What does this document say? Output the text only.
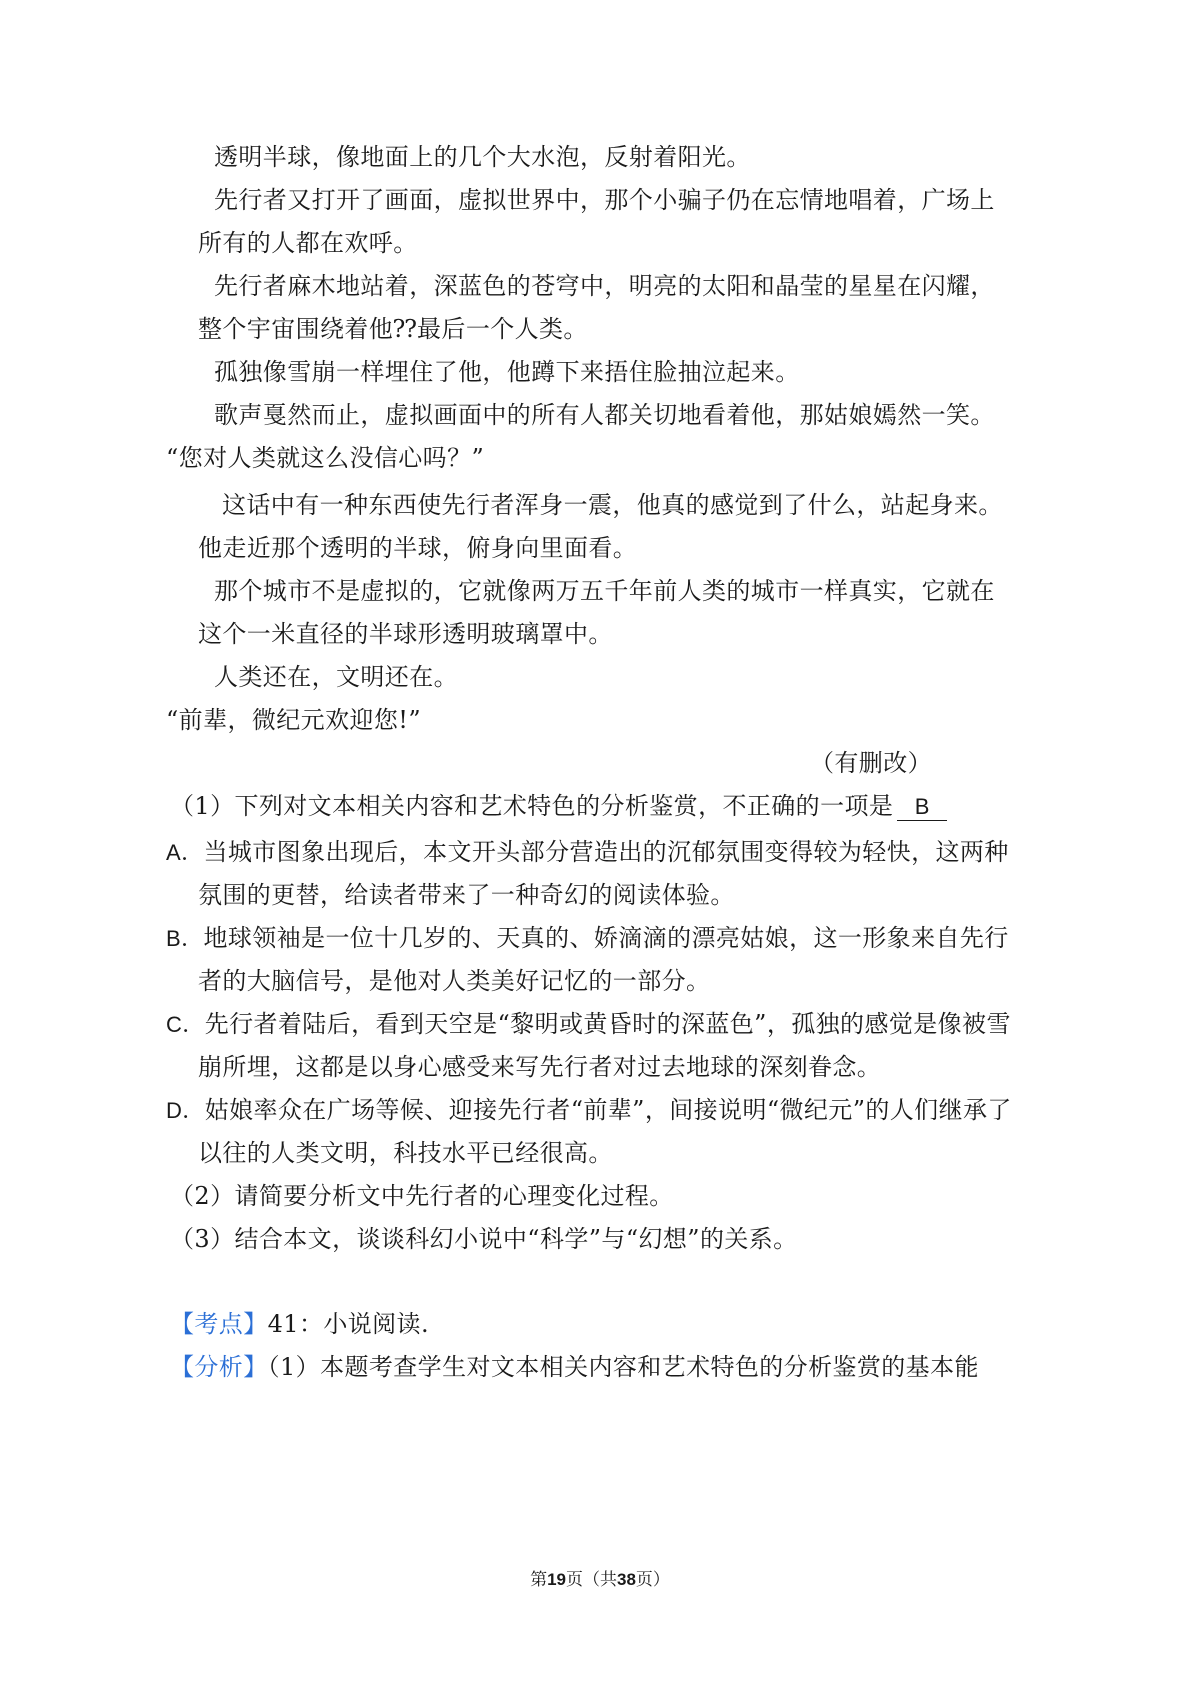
透明半球，像地面上的几个大水泡，反射着阳光。
先行者又打开了画面，虚拟世界中，那个小骗子仍在忘情地唱着，广场上
所有的人都在欢呼。
先行者麻木地站着，深蓝色的苍穹中，明亮的太阳和晶莹的星星在闪耀，
整个宇宙围绕着他⁇最后一个人类。
孤独像雪崩一样埋住了他，他蹲下来捂住脸抽泣起来。
歌声戛然而止，虚拟画面中的所有人都关切地看着他，那姑娘嫣然一笑。
“您对人类就这么没信心吗？”
这话中有一种东西使先行者浑身一震，他真的感觉到了什么，站起身来。
他走近那个透明的半球，俯身向里面看。
那个城市不是虚拟的，它就像两万五千年前人类的城市一样真实，它就在
这个一米直径的半球形透明玻璃罩中。
人类还在，文明还在。
“前辈，微纪元欢迎您!”
（有删改）
（1）下列对文本相关内容和艺术特色的分析鉴赏，不正确的一项是 B
A．当城市图象出现后，本文开头部分营造出的沉郁氛围变得较为轻快，这两种
氛围的更替，给读者带来了一种奇幻的阅读体验。
B．地球领袖是一位十几岁的、天真的、娇滴滴的漂亮姑娘，这一形象来自先行
者的大脑信号，是他对人类美好记忆的一部分。
C．先行者着陆后，看到天空是“黎明或黄昏时的深蓝色”，孤独的感觉是像被雪
崩所埋，这都是以身心感受来写先行者对过去地球的深刻眷念。
D．姑娘率众在广场等候、迎接先行者“前辈”，间接说明“微纪元”的人们继承了
以往的人类文明，科技水平已经很高。
（2）请简要分析文中先行者的心理变化过程。
（3）结合本文，谈谈科幻小说中“科学”与“幻想”的关系。
【考点】41：小说阅读.
【分析】（1）本题考查学生对文本相关内容和艺术特色的分析鉴赏的基本能
第19页（共38页）
